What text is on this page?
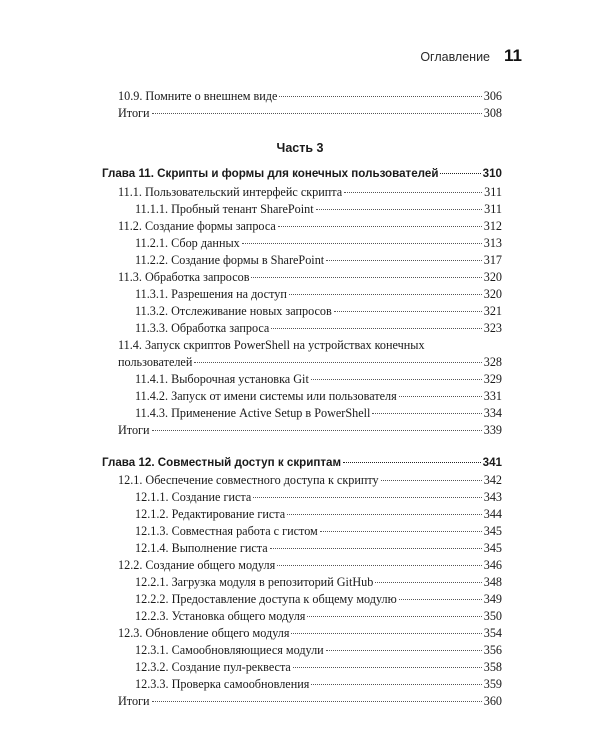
Оглавление 11
10.9. Помните о внешнем виде	306
Итоги	308
Часть 3
Глава 11. Скрипты и формы для конечных пользователей	310
11.1. Пользовательский интерфейс скрипта	311
11.1.1. Пробный тенант SharePoint	311
11.2. Создание формы запроса	312
11.2.1. Сбор данных	313
11.2.2. Создание формы в SharePoint	317
11.3. Обработка запросов	320
11.3.1. Разрешения на доступ	320
11.3.2. Отслеживание новых запросов	321
11.3.3. Обработка запроса	323
11.4. Запуск скриптов PowerShell на устройствах конечных
пользователей	328
11.4.1. Выборочная установка Git	329
11.4.2. Запуск от имени системы или пользователя	331
11.4.3. Применение Active Setup в PowerShell	334
Итоги	339
Глава 12. Совместный доступ к скриптам	341
12.1. Обеспечение совместного доступа к скрипту	342
12.1.1. Создание гиста	343
12.1.2. Редактирование гиста	344
12.1.3. Совместная работа с гистом	345
12.1.4. Выполнение гиста	345
12.2. Создание общего модуля	346
12.2.1. Загрузка модуля в репозиторий GitHub	348
12.2.2. Предоставление доступа к общему модулю	349
12.2.3. Установка общего модуля	350
12.3. Обновление общего модуля	354
12.3.1. Самообновляющиеся модули	356
12.3.2. Создание пул-реквеста	358
12.3.3. Проверка самообновления	359
Итоги	360
